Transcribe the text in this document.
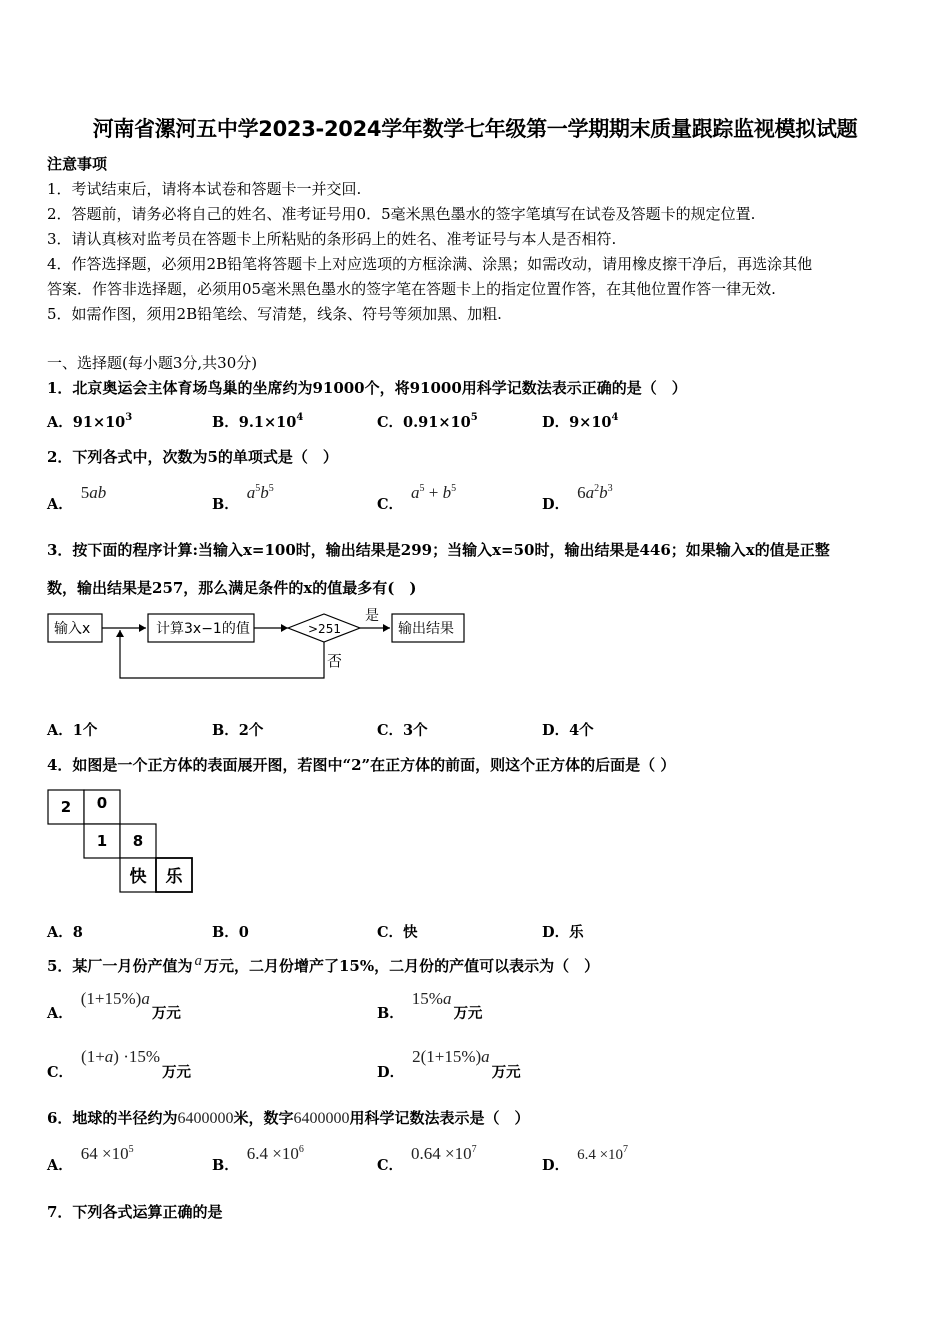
河南省漯河五中学2023-2024学年数学七年级第一学期期末质量跟踪监视模拟试题
注意事项
1．考试结束后，请将本试卷和答题卡一并交回.
2．答题前，请务必将自己的姓名、准考证号用0．5毫米黑色墨水的签字笔填写在试卷及答题卡的规定位置.
3．请认真核对监考员在答题卡上所粘贴的条形码上的姓名、准考证号与本人是否相符.
4．作答选择题，必须用2B铅笔将答题卡上对应选项的方框涂满、涂黑；如需改动，请用橡皮擦干净后，再选涂其他
答案．作答非选择题，必须用05毫米黑色墨水的签字笔在答题卡上的指定位置作答，在其他位置作答一律无效.
5．如需作图，须用2B铅笔绘、写清楚，线条、符号等须加黑、加粗.
一、选择题(每小题3分,共30分)
1．北京奥运会主体育场鸟巢的坐席约为91000个，将91000用科学记数法表示正确的是（　）
A．$91\times 10^3$	B．$9.1\times 10^4$	C．$0.91\times 10^5$	D．$9\times 10^4$
2．下列各式中，次数为5的单项式是（　）
A．5ab
B．$a^5b^5$
C．$a^5 + b^5$
D．$6a^2b^3$
3．按下面的程序计算:当输入x=100时，输出结果是299；当输入x=50时，输出结果是446；如果输入x的值是正整
数，输出结果是257，那么满足条件的x的值最多有(　)
输入x	计算3x−1的值	>251
是
输出结果
否
A．1个	B．2个	C．3个	D．4个
4．如图是一个正方体的表面展开图，若图中“2”在正方体的前面，则这个正方体的后面是（ ）
2 0
1 8
快 乐
A．8	B．0	C．快	D．乐
5．某厂一月份产值为 a 万元，二月份增产了15%，二月份的产值可以表示为（　）
A．(1+15%)a万元	B．15%a万元
C．(1+a) ·15%万元	D．2(1+15%)a万元
6．地球的半径约为6400000米，数字6400000用科学记数法表示是（　）
A．$64 \times 10^5$
B．$6.4 \times 10^6$
C．$0.64 \times 10^7$
D．$6.4 \times 10^7$
7．下列各式运算正确的是
